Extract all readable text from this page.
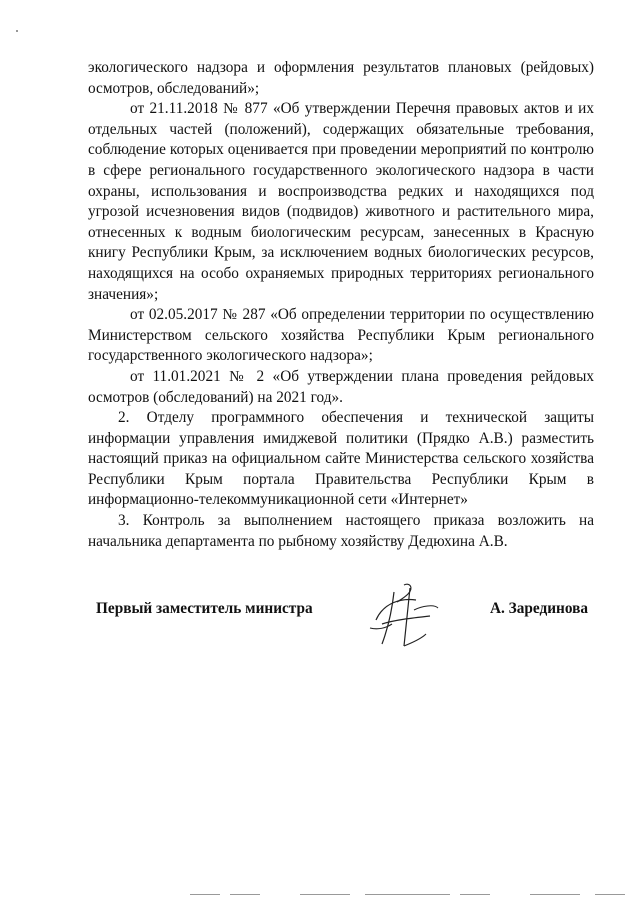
экологического надзора и оформления результатов плановых (рейдовых) осмотров, обследований»;

от 21.11.2018 № 877 «Об утверждении Перечня правовых актов и их отдельных частей (положений), содержащих обязательные требования, соблюдение которых оценивается при проведении мероприятий по контролю в сфере регионального государственного экологического надзора в части охраны, использования и воспроизводства редких и находящихся под угрозой исчезновения видов (подвидов) животного и растительного мира, отнесенных к водным биологическим ресурсам, занесенных в Красную книгу Республики Крым, за исключением водных биологических ресурсов, находящихся на особо охраняемых природных территориях регионального значения»;

от 02.05.2017 № 287 «Об определении территории по осуществлению Министерством сельского хозяйства Республики Крым регионального государственного экологического надзора»;

от 11.01.2021 № 2 «Об утверждении плана проведения рейдовых осмотров (обследований) на 2021 год».

2. Отделу программного обеспечения и технической защиты информации управления имиджевой политики (Прядко А.В.) разместить настоящий приказ на официальном сайте Министерства сельского хозяйства Республики Крым портала Правительства Республики Крым в информационно-телекоммуникационной сети «Интернет»

3. Контроль за выполнением настоящего приказа возложить на начальника департамента по рыбному хозяйству Дедюхина А.В.

Первый заместитель министра	А. Зарединова
